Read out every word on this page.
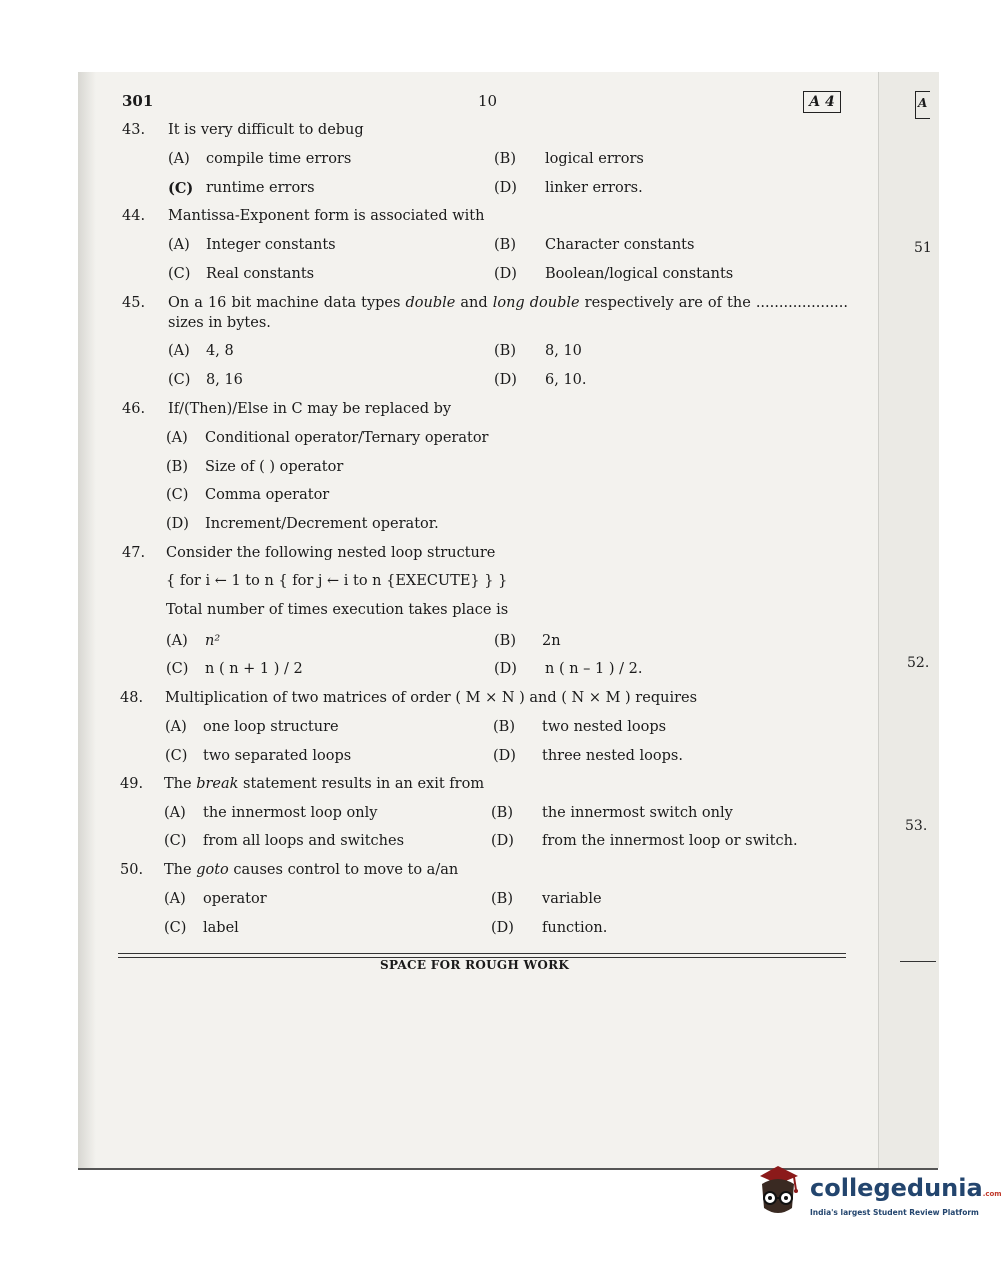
301	10	A 4	A
51
52.
53.
43. It is very difficult to debug
(A) compile time errors	(B) logical errors
(C) runtime errors	(D) linker errors.
44. Mantissa-Exponent form is associated with
(A) Integer constants	(B) Character constants
(C) Real constants	(D) Boolean/logical constants
45. On a 16 bit machine data types double and long double respectively are of the .................... sizes in bytes.
(A) 4, 8	(B) 8, 10
(C) 8, 16	(D) 6, 10.
46. If/(Then)/Else in C may be replaced by
(A) Conditional operator/Ternary operator
(B) Size of ( ) operator
(C) Comma operator
(D) Increment/Decrement operator.
47. Consider the following nested loop structure
{ for i ← 1 to n { for j ← i to n {EXECUTE} } }
Total number of times execution takes place is
(A) n²	(B) 2n
(C) n ( n + 1 ) / 2	(D) n ( n – 1 ) / 2.
48. Multiplication of two matrices of order ( M × N ) and ( N × M ) requires
(A) one loop structure	(B) two nested loops
(C) two separated loops	(D) three nested loops.
49. The break statement results in an exit from
(A) the innermost loop only	(B) the innermost switch only
(C) from all loops and switches	(D) from the innermost loop or switch.
50. The goto causes control to move to a/an
(A) operator	(B) variable
(C) label	(D) function.
SPACE FOR ROUGH WORK
collegedunia.com
India's largest Student Review Platform
